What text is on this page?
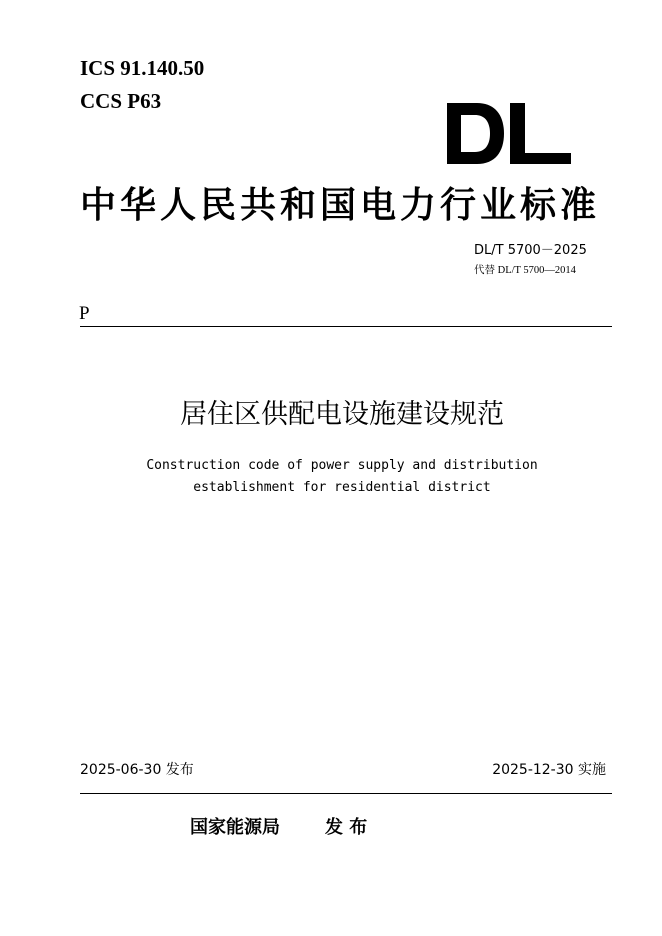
ICS 91.140.50
CCS P63
中华人民共和国电力行业标准
DL/T 5700－2025
代替 DL/T 5700—2014
P
居住区供配电设施建设规范
Construction code of power supply and distribution
establishment for residential district
2025-06-30 发布	2025-12-30 实施
国家能源局	发 布
